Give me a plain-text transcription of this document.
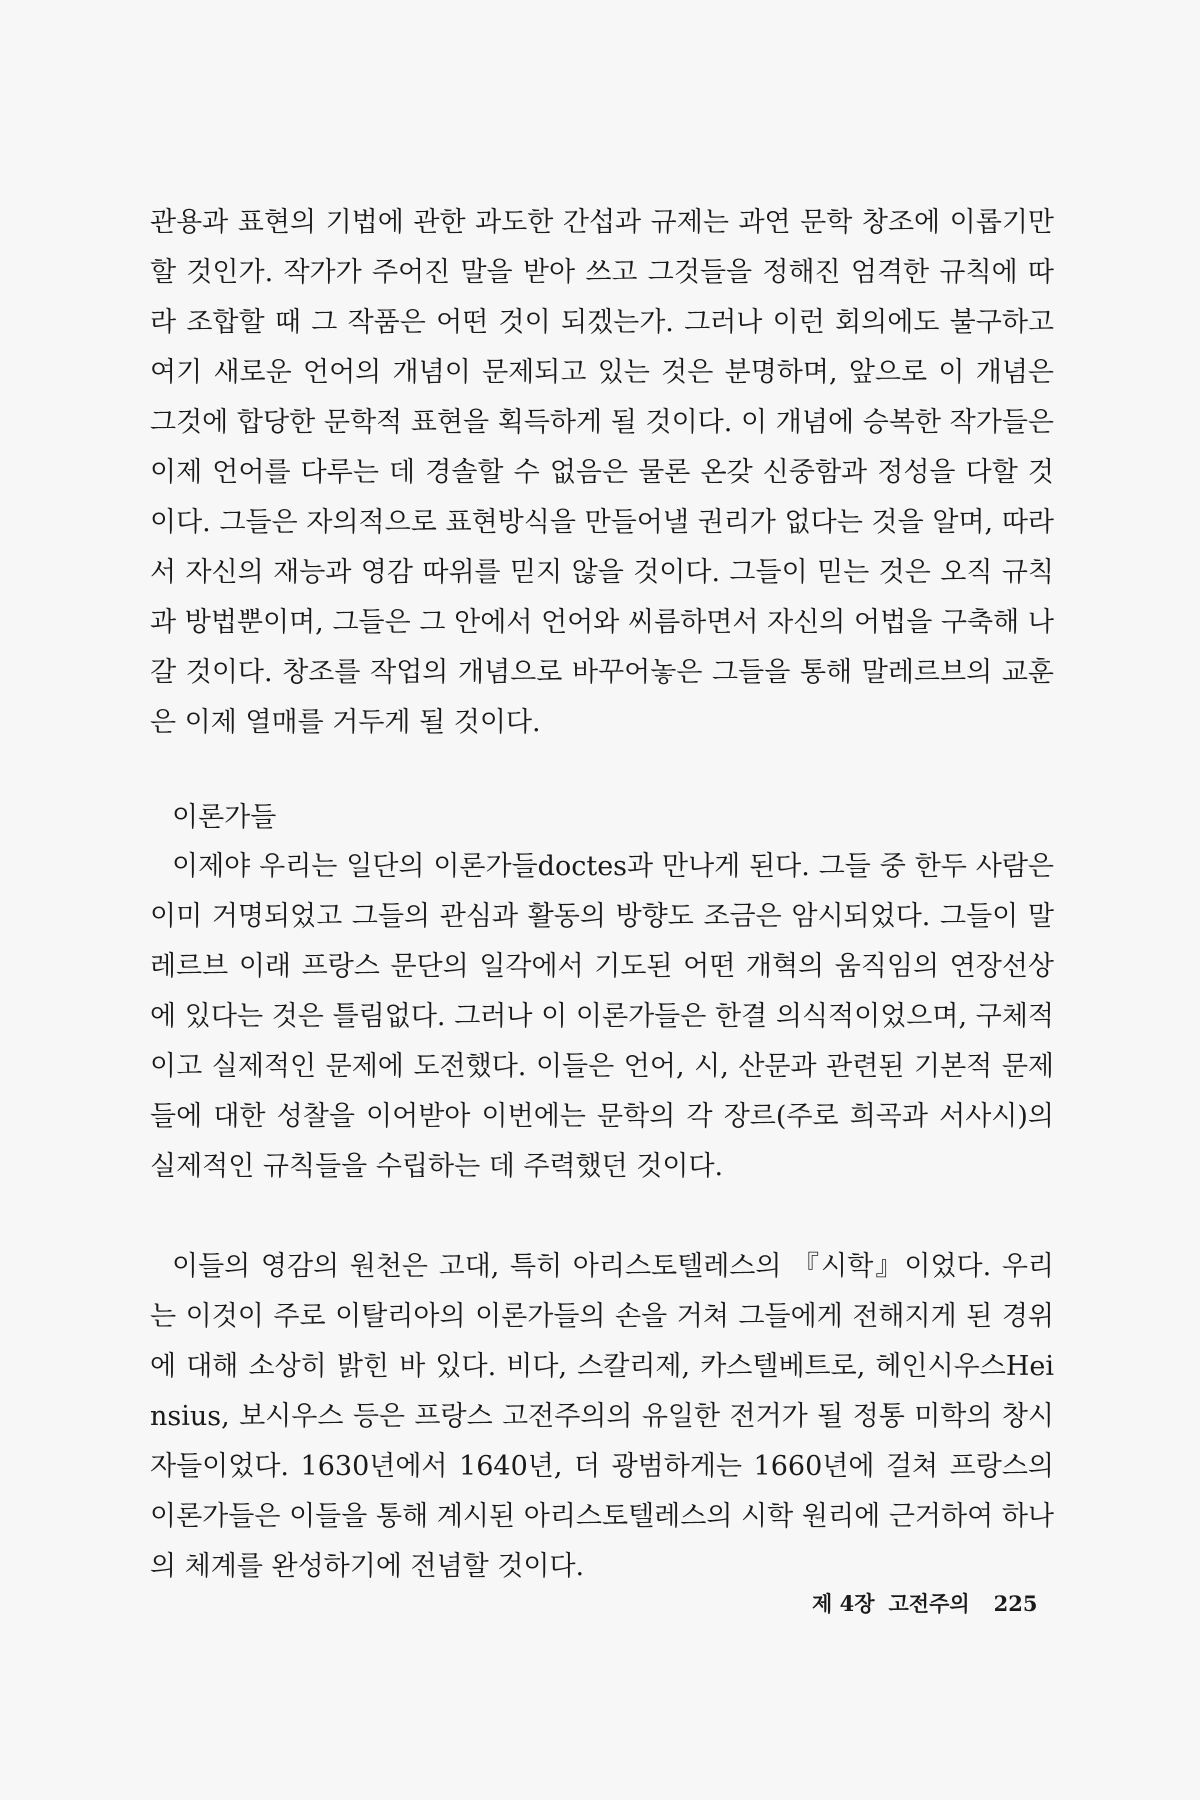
관용과 표현의 기법에 관한 과도한 간섭과 규제는 과연 문학 창조에 이롭기만 할 것인가. 작가가 주어진 말을 받아 쓰고 그것들을 정해진 엄격한 규칙에 따라 조합할 때 그 작품은 어떤 것이 되겠는가. 그러나 이런 회의에도 불구하고 여기 새로운 언어의 개념이 문제되고 있는 것은 분명하며, 앞으로 이 개념은 그것에 합당한 문학적 표현을 획득하게 될 것이다. 이 개념에 승복한 작가들은 이제 언어를 다루는 데 경솔할 수 없음은 물론 온갖 신중함과 정성을 다할 것이다. 그들은 자의적으로 표현방식을 만들어낼 권리가 없다는 것을 알며, 따라서 자신의 재능과 영감 따위를 믿지 않을 것이다. 그들이 믿는 것은 오직 규칙과 방법뿐이며, 그들은 그 안에서 언어와 씨름하면서 자신의 어법을 구축해 나갈 것이다. 창조를 작업의 개념으로 바꾸어놓은 그들을 통해 말레르브의 교훈은 이제 열매를 거두게 될 것이다.

이론가들

이제야 우리는 일단의 이론가들doctes과 만나게 된다. 그들 중 한두 사람은 이미 거명되었고 그들의 관심과 활동의 방향도 조금은 암시되었다. 그들이 말레르브 이래 프랑스 문단의 일각에서 기도된 어떤 개혁의 움직임의 연장선상에 있다는 것은 틀림없다. 그러나 이 이론가들은 한결 의식적이었으며, 구체적이고 실제적인 문제에 도전했다. 이들은 언어, 시, 산문과 관련된 기본적 문제들에 대한 성찰을 이어받아 이번에는 문학의 각 장르(주로 희곡과 서사시)의 실제적인 규칙들을 수립하는 데 주력했던 것이다.

이들의 영감의 원천은 고대, 특히 아리스토텔레스의 『시학』이었다. 우리는 이것이 주로 이탈리아의 이론가들의 손을 거쳐 그들에게 전해지게 된 경위에 대해 소상히 밝힌 바 있다. 비다, 스칼리제, 카스텔베트로, 헤인시우스Heinsius, 보시우스 등은 프랑스 고전주의의 유일한 전거가 될 정통 미학의 창시자들이었다. 1630년에서 1640년, 더 광범하게는 1660년에 걸쳐 프랑스의 이론가들은 이들을 통해 계시된 아리스토텔레스의 시학 원리에 근거하여 하나의 체계를 완성하기에 전념할 것이다.

제 4장 고전주의 225
